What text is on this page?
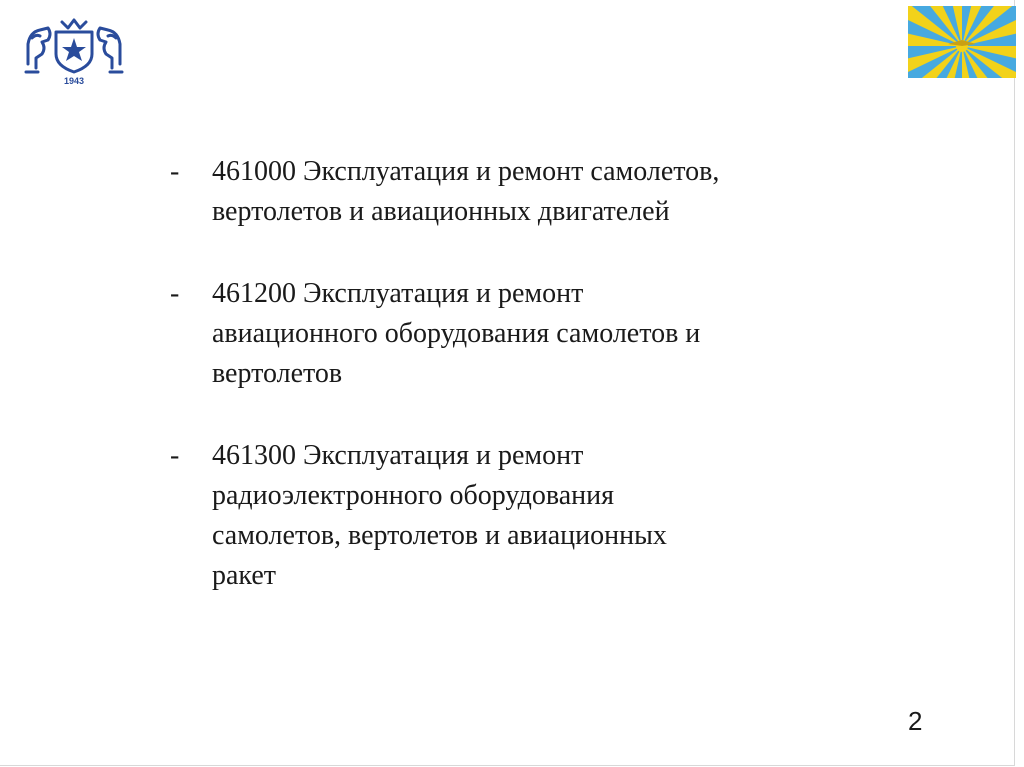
1943
-	461000 Эксплуатация и ремонт самолетов,
вертолетов и авиационных двигателей
-	461200 Эксплуатация и ремонт
авиационного оборудования самолетов и
вертолетов
-	461300 Эксплуатация и ремонт
радиоэлектронного оборудования
самолетов, вертолетов и авиационных
ракет
2
